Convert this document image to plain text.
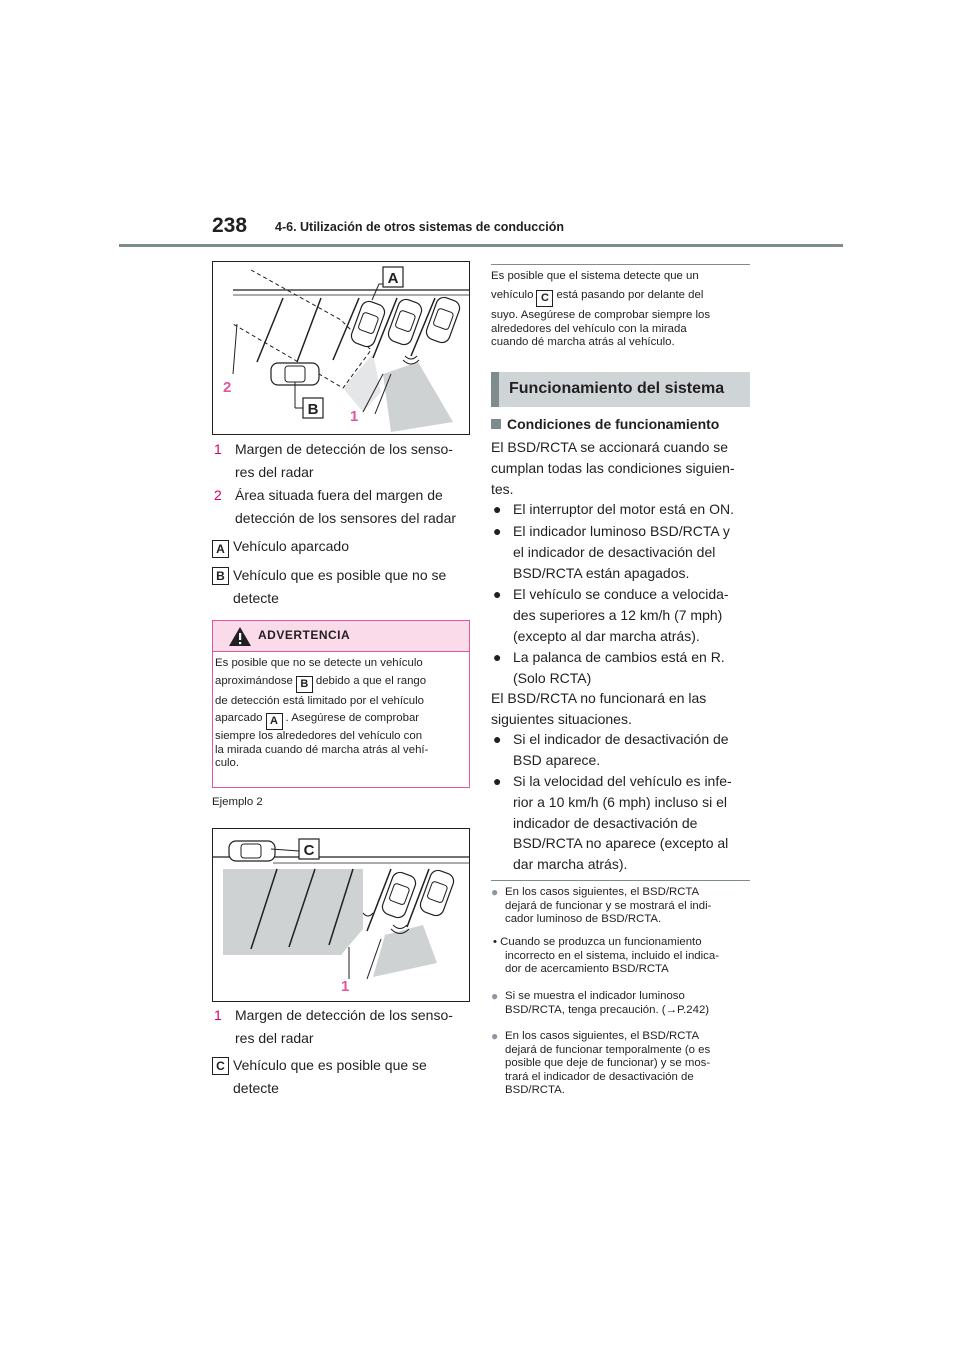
238 4-6. Utilización de otros sistemas de conducción
A
B
2
1
1 Margen de detección de los senso-
res del radar
2 Área situada fuera del margen de
detección de los sensores del radar
A Vehículo aparcado
B Vehículo que es posible que no se
detecte
ADVERTENCIA
Es posible que no se detecte un vehículo
aproximándose B debido a que el rango
de detección está limitado por el vehículo
aparcado A . Asegúrese de comprobar
siempre los alrededores del vehículo con
la mirada cuando dé marcha atrás al vehí-
culo.
Ejemplo 2
C
1
1 Margen de detección de los senso-
res del radar
C Vehículo que es posible que se
detecte
Es posible que el sistema detecte que un
vehículo C está pasando por delante del
suyo. Asegúrese de comprobar siempre los
alrededores del vehículo con la mirada
cuando dé marcha atrás al vehículo.
Funcionamiento del sistema
Condiciones de funcionamiento
El BSD/RCTA se accionará cuando se
cumplan todas las condiciones siguien-
tes.
● El interruptor del motor está en ON.
● El indicador luminoso BSD/RCTA y
el indicador de desactivación del
BSD/RCTA están apagados.
● El vehículo se conduce a velocida-
des superiores a 12 km/h (7 mph)
(excepto al dar marcha atrás).
● La palanca de cambios está en R.
(Solo RCTA)
El BSD/RCTA no funcionará en las
siguientes situaciones.
● Si el indicador de desactivación de
BSD aparece.
● Si la velocidad del vehículo es infe-
rior a 10 km/h (6 mph) incluso si el
indicador de desactivación de
BSD/RCTA no aparece (excepto al
dar marcha atrás).
● En los casos siguientes, el BSD/RCTA
dejará de funcionar y se mostrará el indi-
cador luminoso de BSD/RCTA.
• Cuando se produzca un funcionamiento
incorrecto en el sistema, incluido el indica-
dor de acercamiento BSD/RCTA
● Si se muestra el indicador luminoso
BSD/RCTA, tenga precaución. (→P.242)
● En los casos siguientes, el BSD/RCTA
dejará de funcionar temporalmente (o es
posible que deje de funcionar) y se mos-
trará el indicador de desactivación de
BSD/RCTA.
